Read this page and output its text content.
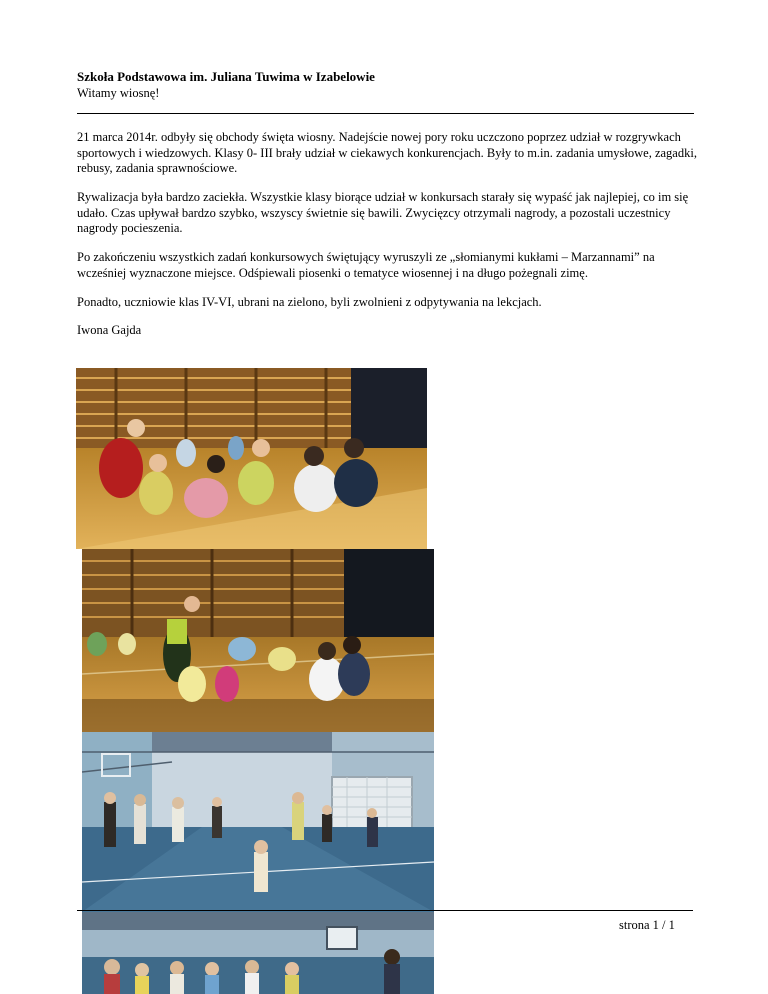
Szkoła Podstawowa im. Juliana Tuwima w Izabelowie
Witamy wiosnę!
21 marca 2014r. odbyły się obchody święta wiosny. Nadejście nowej pory roku uczczono poprzez udział w rozgrywkach sportowych i wiedzowych. Klasy 0- III brały udział w ciekawych konkurencjach. Były to m.in. zadania umysłowe, zagadki, rebusy, zadania sprawnościowe.
Rywalizacja była bardzo zaciekła. Wszystkie klasy biorące udział w konkursach starały się wypaść jak najlepiej, co im się udało. Czas upływał bardzo szybko, wszyscy świetnie się bawili. Zwycięzcy otrzymali nagrody, a pozostali uczestnicy nagrody pocieszenia.
Po zakończeniu wszystkich zadań konkursowych świętujący wyruszyli ze „słomianymi kukłami – Marzannami” na wcześniej wyznaczone miejsce. Odśpiewali piosenki o tematyce wiosennej i na długo pożegnali zimę.
Ponadto, uczniowie klas IV-VI, ubrani na zielono, byli zwolnieni z odpytywania na lekcjach.
Iwona Gajda
strona 1 / 1
